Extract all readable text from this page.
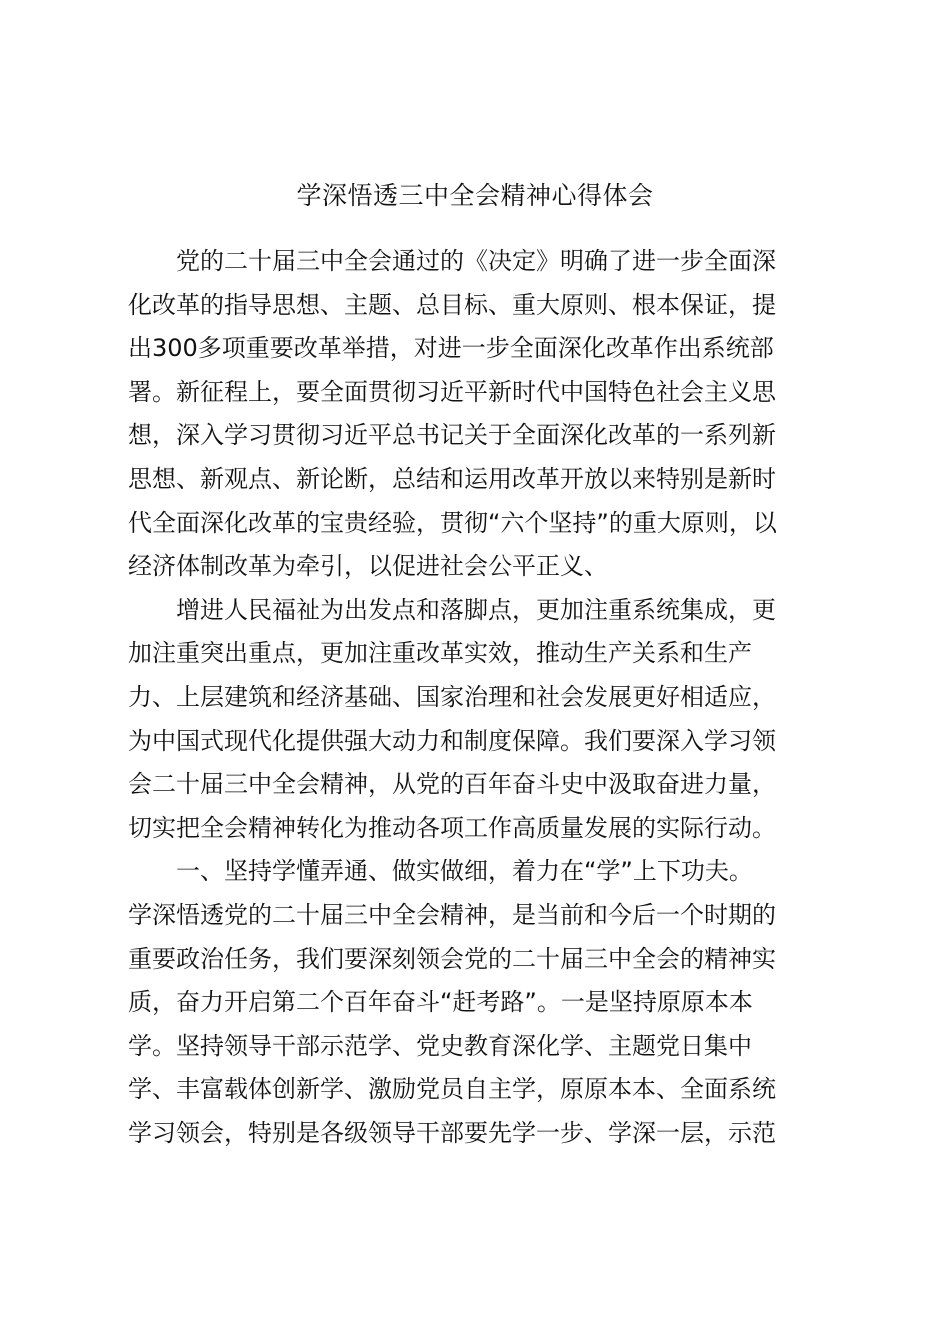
学深悟透三中全会精神心得体会
党的二十届三中全会通过的《决定》明确了进一步全面深
化改革的指导思想、主题、总目标、重大原则、根本保证，提
出300多项重要改革举措，对进一步全面深化改革作出系统部
署。新征程上，要全面贯彻习近平新时代中国特色社会主义思
想，深入学习贯彻习近平总书记关于全面深化改革的一系列新
思想、新观点、新论断，总结和运用改革开放以来特别是新时
代全面深化改革的宝贵经验，贯彻“六个坚持”的重大原则，以
经济体制改革为牵引，以促进社会公平正义、
增进人民福祉为出发点和落脚点，更加注重系统集成，更
加注重突出重点，更加注重改革实效，推动生产关系和生产
力、上层建筑和经济基础、国家治理和社会发展更好相适应，
为中国式现代化提供强大动力和制度保障。我们要深入学习领
会二十届三中全会精神，从党的百年奋斗史中汲取奋进力量，
切实把全会精神转化为推动各项工作高质量发展的实际行动。
一、坚持学懂弄通、做实做细，着力在“学”上下功夫。
学深悟透党的二十届三中全会精神，是当前和今后一个时期的
重要政治任务，我们要深刻领会党的二十届三中全会的精神实
质，奋力开启第二个百年奋斗“赶考路”。一是坚持原原本本
学。坚持领导干部示范学、党史教育深化学、主题党日集中
学、丰富载体创新学、激励党员自主学，原原本本、全面系统
学习领会，特别是各级领导干部要先学一步、学深一层，示范
